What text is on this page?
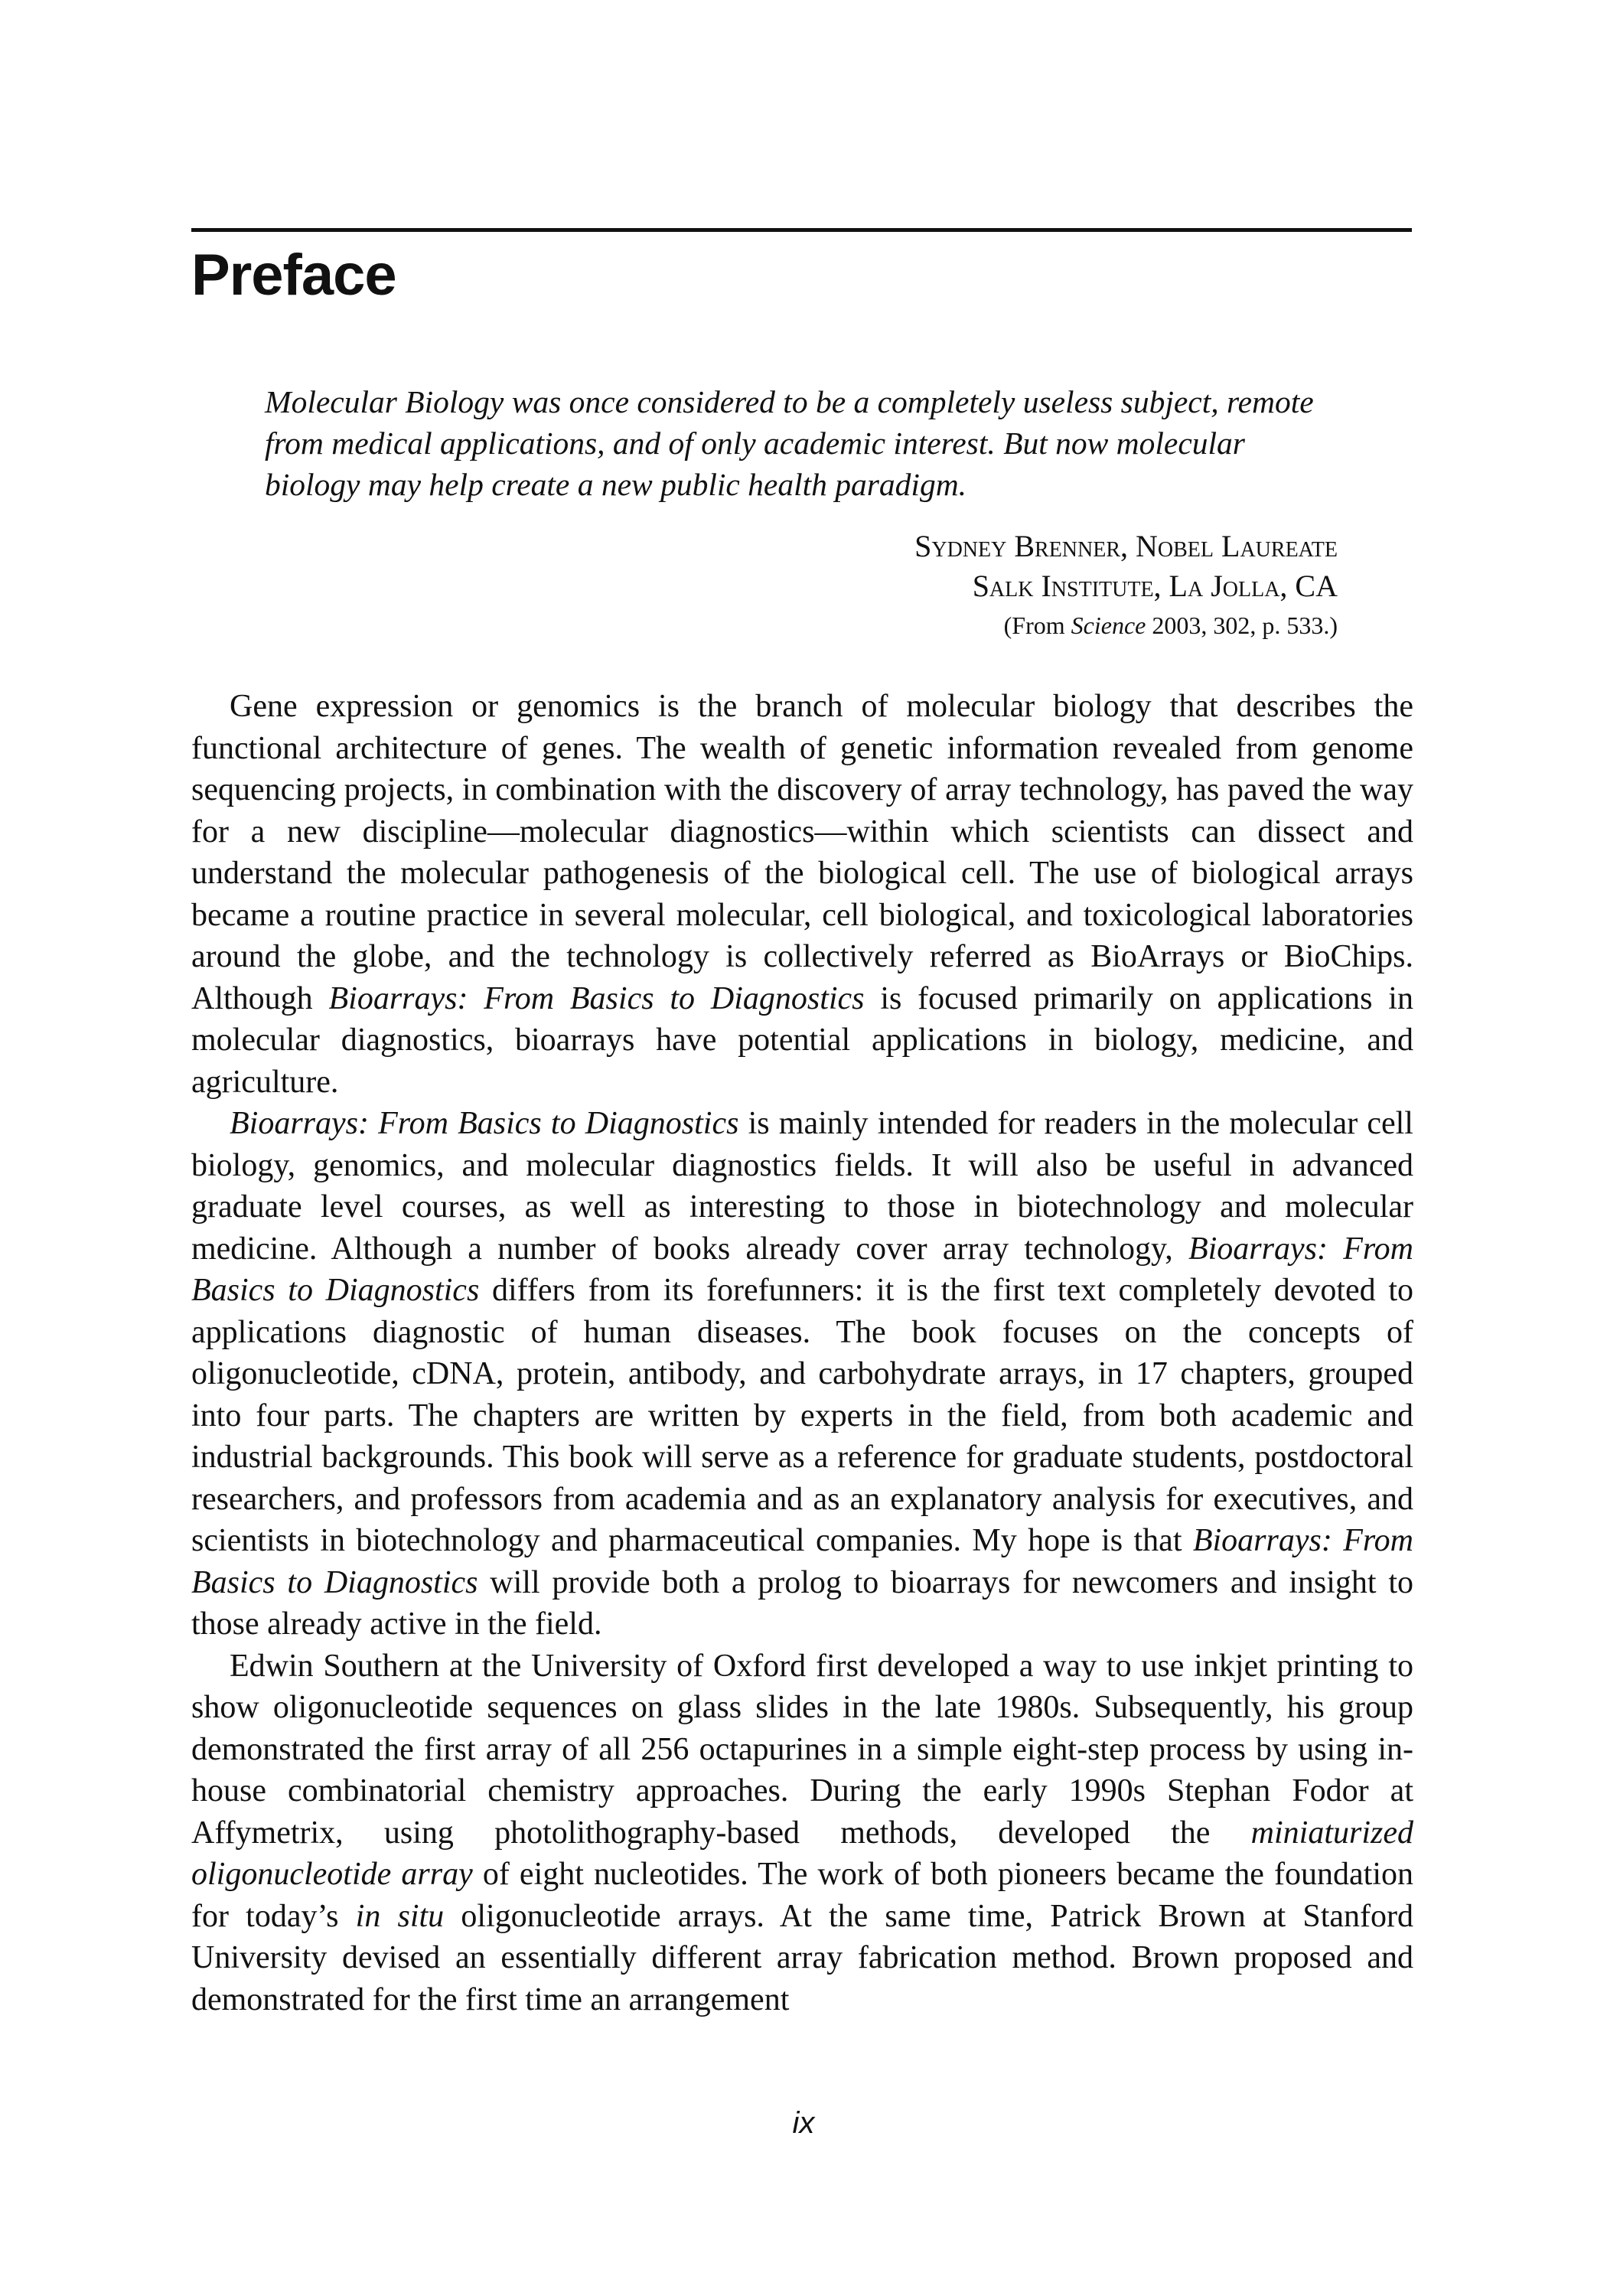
Preface
Molecular Biology was once considered to be a completely useless subject, remote from medical applications, and of only academic interest. But now molecular biology may help create a new public health paradigm.
Sydney Brenner, Nobel Laureate
Salk Institute, La Jolla, CA
(From Science 2003, 302, p. 533.)

Gene expression or genomics is the branch of molecular biology that describes the functional architecture of genes. The wealth of genetic information revealed from genome sequencing projects, in combination with the discovery of array technology, has paved the way for a new discipline—molecular diagnostics—within which scientists can dissect and understand the molecular pathogenesis of the biological cell. The use of biological arrays became a routine practice in several molecular, cell biological, and toxicological laboratories around the globe, and the technology is collectively referred as BioArrays or BioChips. Although Bioarrays: From Basics to Diagnostics is focused primarily on applications in molecular diagnostics, bioarrays have potential applications in biology, medicine, and agriculture.

Bioarrays: From Basics to Diagnostics is mainly intended for readers in the molecular cell biology, genomics, and molecular diagnostics fields. It will also be useful in advanced graduate level courses, as well as interesting to those in biotechnology and molecular medicine. Although a number of books already cover array technology, Bioarrays: From Basics to Diagnostics differs from its forefunners: it is the first text completely devoted to applications diagnostic of human diseases. The book focuses on the concepts of oligonucleotide, cDNA, protein, antibody, and carbohydrate arrays, in 17 chapters, grouped into four parts. The chapters are written by experts in the field, from both academic and industrial backgrounds. This book will serve as a reference for graduate students, postdoctoral researchers, and professors from academia and as an explanatory analysis for executives, and scientists in biotechnology and pharmaceutical companies. My hope is that Bioarrays: From Basics to Diagnostics will provide both a prolog to bioarrays for newcomers and insight to those already active in the field.

Edwin Southern at the University of Oxford first developed a way to use inkjet printing to show oligonucleotide sequences on glass slides in the late 1980s. Subsequently, his group demonstrated the first array of all 256 octapurines in a simple eight-step process by using in-house combinatorial chemistry approaches. During the early 1990s Stephan Fodor at Affymetrix, using photolithography-based methods, developed the miniaturized oligonucleotide array of eight nucleotides. The work of both pioneers became the foundation for today’s in situ oligonucleotide arrays. At the same time, Patrick Brown at Stanford University devised an essentially different array fabrication method. Brown proposed and demonstrated for the first time an arrangement

ix
